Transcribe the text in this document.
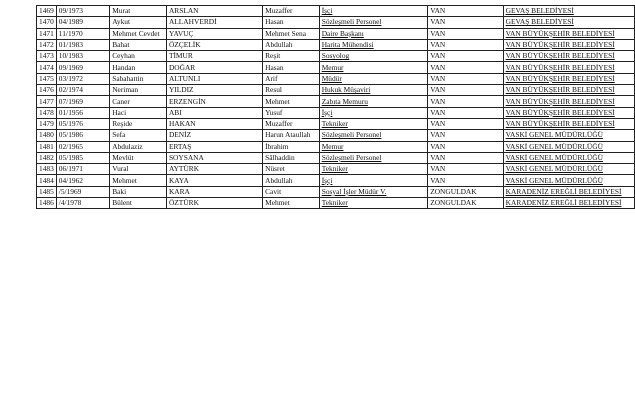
1469	09/1973	Murat	ARSLAN	Muzaffer	İşçi	VAN	GEVAŞ BELEDİYESİ
1470	04/1989	Aykut	ALLAHVERDİ	Hasan	Sözleşmeli Personel	VAN	GEVAŞ BELEDİYESİ
1471	11/1970	Mehmet Cevdet	YAVUÇ	Mehmet Sena	Daire Başkanı	VAN	VAN BÜYÜKŞEHİR BELEDİYESİ
1472	01/1983	Bahat	ÖZÇELİK	Abdullah	Harita Mühendisi	VAN	VAN BÜYÜKŞEHİR BELEDİYESİ
1473	10/1983	Ceyhan	TİMUR	Reşit	Sosyolog	VAN	VAN BÜYÜKŞEHİR BELEDİYESİ
1474	09/1969	Handan	DOĞAR	Hasan	Memur	VAN	VAN BÜYÜKŞEHİR BELEDİYESİ
1475	03/1972	Sabahattin	ALTUNLI	Arif	Müdür	VAN	VAN BÜYÜKŞEHİR BELEDİYESİ
1476	02/1974	Neriman	YILDIZ	Resul	Hukuk Müşaviri	VAN	VAN BÜYÜKŞEHİR BELEDİYESİ
1477	07/1969	Caner	ERZENGİN	Mehmet	Zabıta Memuru	VAN	VAN BÜYÜKŞEHİR BELEDİYESİ
1478	01/1956	Haci	ABI	Yusuf	İşçi	VAN	VAN BÜYÜKŞEHİR BELEDİYESİ
1479	05/1976	Reşide	HAKAN	Muzaffer	Tekniker	VAN	VAN BÜYÜKŞEHİR BELEDİYESİ
1480	05/1986	Sefa	DENİZ	Harun Ataullah	Sözleşmeli Personel	VAN	VASKİ GENEL MÜDÜRLÜĞÜ
1481	02/1965	Abdulaziz	ERTAŞ	İbrahim	Memur	VAN	VASKİ GENEL MÜDÜRLÜĞÜ
1482	05/1985	Mevlüt	SOYSANA	Sâlhaddin	Sözleşmeli Personel	VAN	VASKİ GENEL MÜDÜRLÜĞÜ
1483	06/1971	Vural	AYTÜRK	Nüsret	Tekniker	VAN	VASKİ GENEL MÜDÜRLÜĞÜ
1484	04/1962	Mehmet	KAYA	Abdullah	İşçi	VAN	VASKİ GENEL MÜDÜRLÜĞÜ
1485	/5/1969	Baki	KARA	Cavit	Sosyal İşler Müdür V.	ZONGULDAK	KARADENİZ EREĞLİ BELEDİYESİ
1486	/4/1978	Bülent	ÖZTÜRK	Mehmet	Tekniker	ZONGULDAK	KARADENİZ EREĞLİ BELEDİYESİ
